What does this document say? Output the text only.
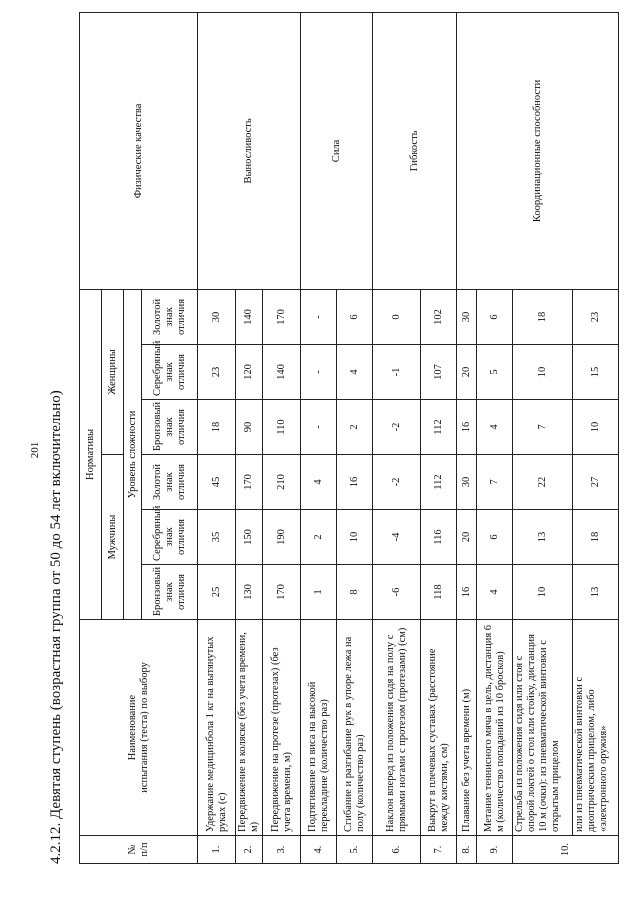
201 4.2.12. Девятая ступень (возрастная группа от 50 до 54 лет включительно)	№ п/п	Наименование испытания (теста) по выбору	Нормативы						Физические качества
		Мужчины			Женщины			
		Уровень сложности						
		Бронзовый знак отличия	Серебряный знак отличия	Золотой знак отличия	Бронзовый знак отличия	Серебряный знак отличия	Золотой знак отличия	
1.	Удержание медицинбола 1 кг на вытянутых руках (с)	25	35	45	18	23	30	Выносливость
2.	Передвижение в коляске (без учета времени, м)	130	150	170	90	120	140	
3.	Передвижение на протезе (протезах) (без учета времени, м)	170	190	210	110	140	170	
4.	Подтягивание из виса на высокой перекладине (количество раз)	1	2	4	-	-	-	Сила
5.	Сгибание и разгибание рук в упоре лежа на полу (количество раз)	8	10	16	2	4	6	
6.	Наклон вперед из положения сидя на полу с прямыми ногами с протезом (протезами) (см)	-6	-4	-2	-2	-1	0	Гибкость
7.	Выкрут в плечевых суставах (расстояние между кистями, см)	118	116	112	112	107	102	
8.	Плавание без учета времени (м)	16	20	30	16	20	30	Координационные способности
9.	Метание теннисного мяча в цель, дистанция 6 м (количество попаданий из 10 бросков)	4	6	7	4	5	6	
10.	Стрельба из положения сидя или стоя с опорой локтей о стол или стойку, дистанция 10 м (очки): из пневматической винтовки с открытым прицелом	10	13	22	7	10	18	
	или из пневматической винтовки с диоптрическим прицелом, либо «электронного оружия»	13	18	27	10	15	23	
